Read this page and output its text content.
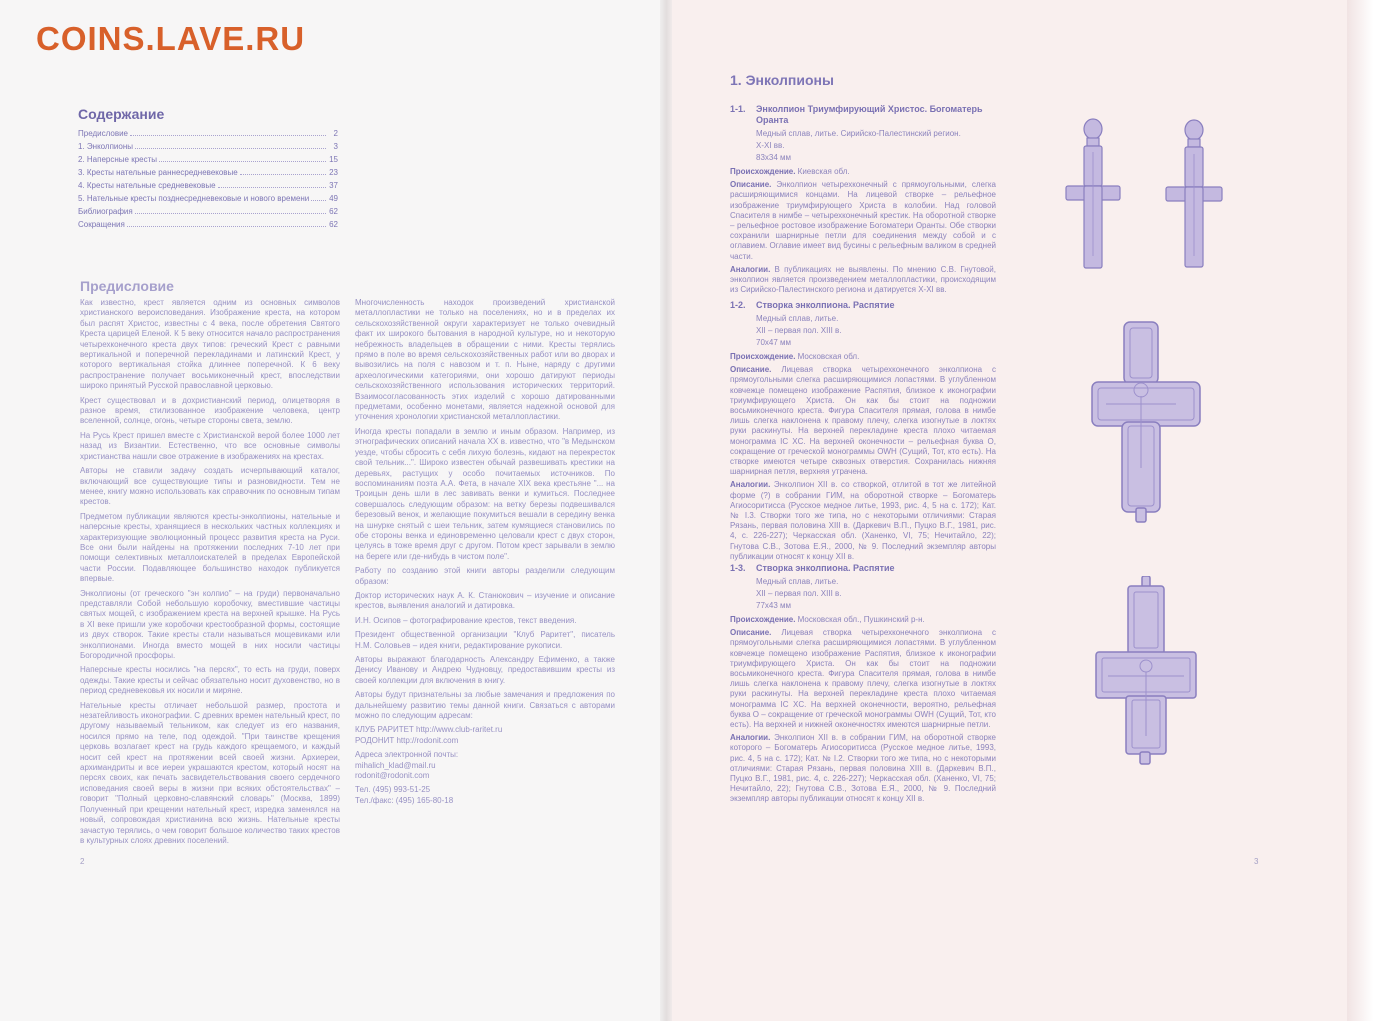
COINS.LAVE.RU
Содержание
Предисловие	2
1. Энколпионы	3
2. Наперсные кресты	15
3. Кресты нательные раннесредневековые	23
4. Кресты нательные средневековые	37
5. Нательные кресты позднесредневековые и нового времени 49
Библиография	62
Сокращения	62
Предисловие

Как известно, крест является одним из основных символов христианского вероисповедания. Изображение креста, на котором был распят Христос, известны с 4 века, после обретения Святого Креста царицей Еленой. К 5 веку относится начало распространения четырехконечного креста двух типов: греческий Крест с равными вертикальной и поперечной перекладинами и латинский Крест, у которого вертикальная стойка длиннее поперечной. К 6 веку распространение получает восьмиконечный крест, впоследствии широко принятый Русской православной церковью.

Крест существовал и в дохристианский период, олицетворяя в разное время, стилизованное изображение человека, центр вселенной, солнце, огонь, четыре стороны света, землю.

На Русь Крест пришел вместе с Христианской верой более 1000 лет назад из Византии. Естественно, что все основные символы христианства нашли свое отражение в изображениях на крестах.

Авторы не ставили задачу создать исчерпывающий каталог, включающий все существующие типы и разновидности. Тем не менее, книгу можно использовать как справочник по основным типам крестов.

Предметом публикации являются кресты-энколпионы, нательные и наперсные кресты, хранящиеся в нескольких частных коллекциях и характеризующие эволюционный процесс развития креста на Руси. Все они были найдены на протяжении последних 7-10 лет при помощи селективных металлоискателей в пределах Европейской части России. Подавляющее большинство находок публикуется впервые.

Энколпионы (от греческого "эн колпио" – на груди) первоначально представляли Собой небольшую коробочку, вместившие частицы святых мощей, с изображением креста на верхней крышке. На Русь в XI веке пришли уже коробочки крестообразной формы, состоящие из двух створок. Такие кресты стали называться мощевиками или энколпионами. Иногда вместо мощей в них носили частицы Богородичной просфоры.

Наперсные кресты носились "на персях", то есть на груди, поверх одежды. Такие кресты и сейчас обязательно носит духовенство, но в период средневековья их носили и миряне.

Нательные кресты отличает небольшой размер, простота и незатейливость иконографии. С древних времен нательный крест, по другому называемый тельником, как следует из его названия, носился прямо на теле, под одеждой. "При таинстве крещения церковь возлагает крест на грудь каждого крещаемого, и каждый носит сей крест на протяжении всей своей жизни. Архиереи, архимандриты и все иереи украшаются крестом, который носят на персях своих, как печать засвидетельствования своего сердечного исповедания своей веры в жизни при всяких обстоятельствах" – говорит "Полный церковно-славянский словарь" (Москва, 1899) Полученный при крещении нательный крест, изредка заменялся на новый, сопровождая христианина всю жизнь. Нательные кресты зачастую терялись, о чем говорит большое количество таких крестов в культурных слоях древних поселений.

Многочисленность находок произведений христианской металлопластики не только на поселениях, но и в пределах их сельскохозяйственной округи характеризует не только очевидный факт их широкого бытования в народной культуре, но и некоторую небрежность владельцев в обращении с ними. Кресты терялись прямо в поле во время сельскохозяйственных работ или во дворах и вывозились на поля с навозом и т. п. Ныне, наряду с другими археологическими категориями, они хорошо датируют периоды сельскохозяйственного использования исторических территорий. Взаимосогласованность этих изделий с хорошо датированными предметами, особенно монетами, является надежной основой для уточнения хронологии христианской металлопластики.

Иногда кресты попадали в землю и иным образом. Например, из этнографических описаний начала XX в. известно, что "в Медынском уезде, чтобы сбросить с себя лихую болезнь, кидают на перекресток свой тельник...". Широко известен обычай развешивать крестики на деревьях, растущих у особо почитаемых источников. По воспоминаниям поэта А.А. Фета, в начале XIX века крестьяне "... на Троицын день шли в лес завивать венки и кумиться. Последнее совершалось следующим образом: на ветку березы подвешивался березовый венок, и желающие покумиться вешали в середину венка на шнурке снятый с шеи тельник, затем кумящиеся становились по обе стороны венка и единовременно целовали крест с двух сторон, целуясь в тоже время друг с другом. Потом крест зарывали в землю на береге или где-нибудь в чистом поле".

Работу по созданию этой книги авторы разделили следующим образом:

Доктор исторических наук А. К. Станюкович – изучение и описание крестов, выявления аналогий и датировка.

И.Н. Осипов – фотографирование крестов, текст введения.

Президент общественной организации "Клуб Раритет", писатель Н.М. Соловьев – идея книги, редактирование рукописи.

Авторы выражают благодарность Александру Ефименко, а также Денису Иванову и Андрею Чудновцу, предоставившим кресты из своей коллекции для включения в книгу.

Авторы будут признательны за любые замечания и предложения по дальнейшему развитию темы данной книги. Связаться с авторами можно по следующим адресам:

КЛУБ РАРИТЕТ http://www.club-raritet.ru
РОДОНИТ http://rodonit.com

Адреса электронной почты:
mihalich_klad@mail.ru
rodonit@rodonit.com

Тел. (495) 993-51-25
Тел./факс: (495) 165-80-18

2
1. Энколпионы
1-1.	Энколпион Триумфирующий Христос. Богоматерь Оранта
Медный сплав, литье. Сирийско-Палестинский регион.
X-XI вв.
83x34 мм

Происхождение. Киевская обл.

Описание. Энколпион четырехконечный с прямоугольными, слегка расширяющимися концами. На лицевой створке – рельефное изображение триумфирующего Христа в колобии. Над головой Спасителя в нимбе – четырехконечный крестик. На оборотной створке – рельефное ростовое изображение Богоматери Оранты. Обе створки сохранили шарнирные петли для соединения между собой и с оглавием. Оглавие имеет вид бусины с рельефным валиком в средней части.

Аналогии. В публикациях не выявлены. По мнению С.В. Гнутовой, энколпион является произведением металлопластики, происходящим из Сирийско-Палестинского региона и датируется X-XI вв.

1-2.	Створка энколпиона. Распятие
Медный сплав, литье.
XII – первая пол. XIII в.
70x47 мм

Происхождение. Московская обл.

Описание. Лицевая створка четырехконечного энколпиона с прямоугольными слегка расширяющимися лопастями. В углубленном ковчежце помещено изображение Распятия, близкое к иконографии триумфирующего Христа. Он как бы стоит на подножии восьмиконечного креста. Фигура Спасителя прямая, голова в нимбе лишь слегка наклонена к правому плечу, слегка изогнутые в локтях руки раскинуты. На верхней перекладине креста плохо читаемая монограмма IC XC. На верхней оконечности – рельефная буква О, сокращение от греческой монограммы ОWН (Сущий, Тот, кто есть). На створке имеются четыре сквозных отверстия. Сохранилась нижняя шарнирная петля, верхняя утрачена.

Аналогии. Энколпион XII в. со створкой, отлитой в тот же литейной форме (?) в собрании ГИМ, на оборотной створке – Богоматерь Агиосоритисса (Русское медное литье, 1993, рис. 4, 5 на с. 172); Кат. № I.3. Створки того же типа, но с некоторыми отличиями: Старая Рязань, первая половина XIII в. (Даркевич В.П., Пуцко В.Г., 1981, рис. 4, с. 226-227); Черкасская обл. (Ханенко, VI, 75; Нечитайло, 22); Гнутова С.В., Зотова Е.Я., 2000, № 9. Последний экземпляр авторы публикации относят к концу XII в.

1-3.	Створка энколпиона. Распятие
Медный сплав, литье.
XII – первая пол. XIII в.
77x43 мм

Происхождение. Московская обл., Пушкинский р-н.

Описание. Лицевая створка четырехконечного энколпиона с прямоугольными слегка расширяющимися лопастями. В углубленном ковчежце помещено изображение Распятия, близкое к иконографии триумфирующего Христа. Он как бы стоит на подножии восьмиконечного креста. Фигура Спасителя прямая, голова в нимбе лишь слегка наклонена к правому плечу, слегка изогнутые в локтях руки раскинуты. На верхней перекладине креста плохо читаемая монограмма IC XC. На верхней оконечности, вероятно, рельефная буква О – сокращение от греческой монограммы ОWН (Сущий, Тот, кто есть). На верхней и нижней оконечностях имеются шарнирные петли.

Аналогии. Энколпион XII в. в собрании ГИМ, на оборотной створке которого – Богоматерь Агиосоритисса (Русское медное литье, 1993, рис. 4, 5 на с. 172); Кат. № I.2. Створки того же типа, но с некоторыми отличиями: Старая Рязань, первая половина XIII в. (Даркевич В.П., Пуцко В.Г., 1981, рис. 4, с. 226-227); Черкасская обл. (Ханенко, VI, 75; Нечитайло, 22); Гнутова С.В., Зотова Е.Я., 2000, № 9. Последний экземпляр авторы публикации относят к концу XII в.

3
